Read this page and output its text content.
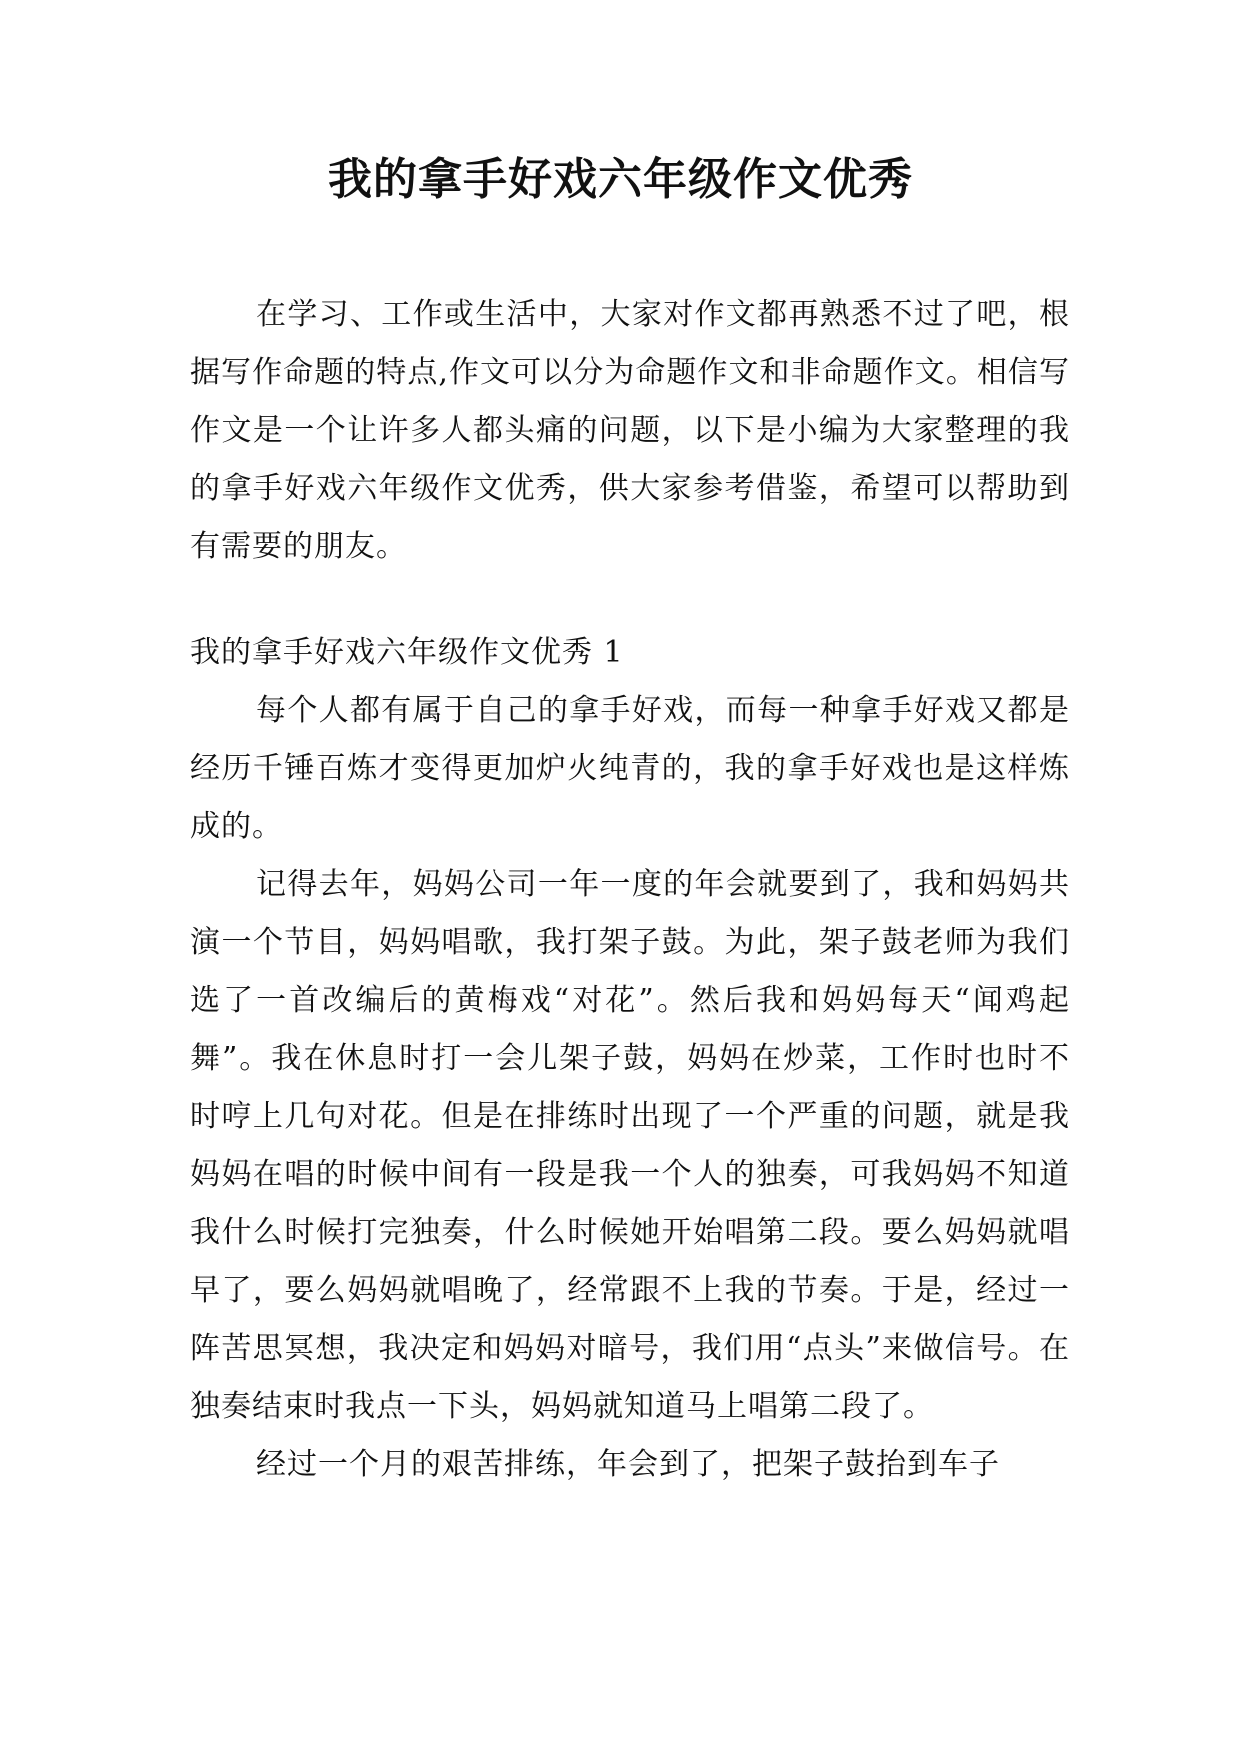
我的拿手好戏六年级作文优秀

在学习、工作或生活中，大家对作文都再熟悉不过了吧，根据写作命题的特点,作文可以分为命题作文和非命题作文。相信写作文是一个让许多人都头痛的问题，以下是小编为大家整理的我的拿手好戏六年级作文优秀，供大家参考借鉴，希望可以帮助到有需要的朋友。

我的拿手好戏六年级作文优秀 1

每个人都有属于自己的拿手好戏，而每一种拿手好戏又都是经历千锤百炼才变得更加炉火纯青的，我的拿手好戏也是这样炼成的。

记得去年，妈妈公司一年一度的年会就要到了，我和妈妈共演一个节目，妈妈唱歌，我打架子鼓。为此，架子鼓老师为我们选了一首改编后的黄梅戏“对花”。然后我和妈妈每天“闻鸡起舞”。我在休息时打一会儿架子鼓，妈妈在炒菜，工作时也时不时哼上几句对花。但是在排练时出现了一个严重的问题，就是我妈妈在唱的时候中间有一段是我一个人的独奏，可我妈妈不知道我什么时候打完独奏，什么时候她开始唱第二段。要么妈妈就唱早了，要么妈妈就唱晚了，经常跟不上我的节奏。于是，经过一阵苦思冥想，我决定和妈妈对暗号，我们用“点头”来做信号。在独奏结束时我点一下头，妈妈就知道马上唱第二段了。

经过一个月的艰苦排练，年会到了，把架子鼓抬到车子
